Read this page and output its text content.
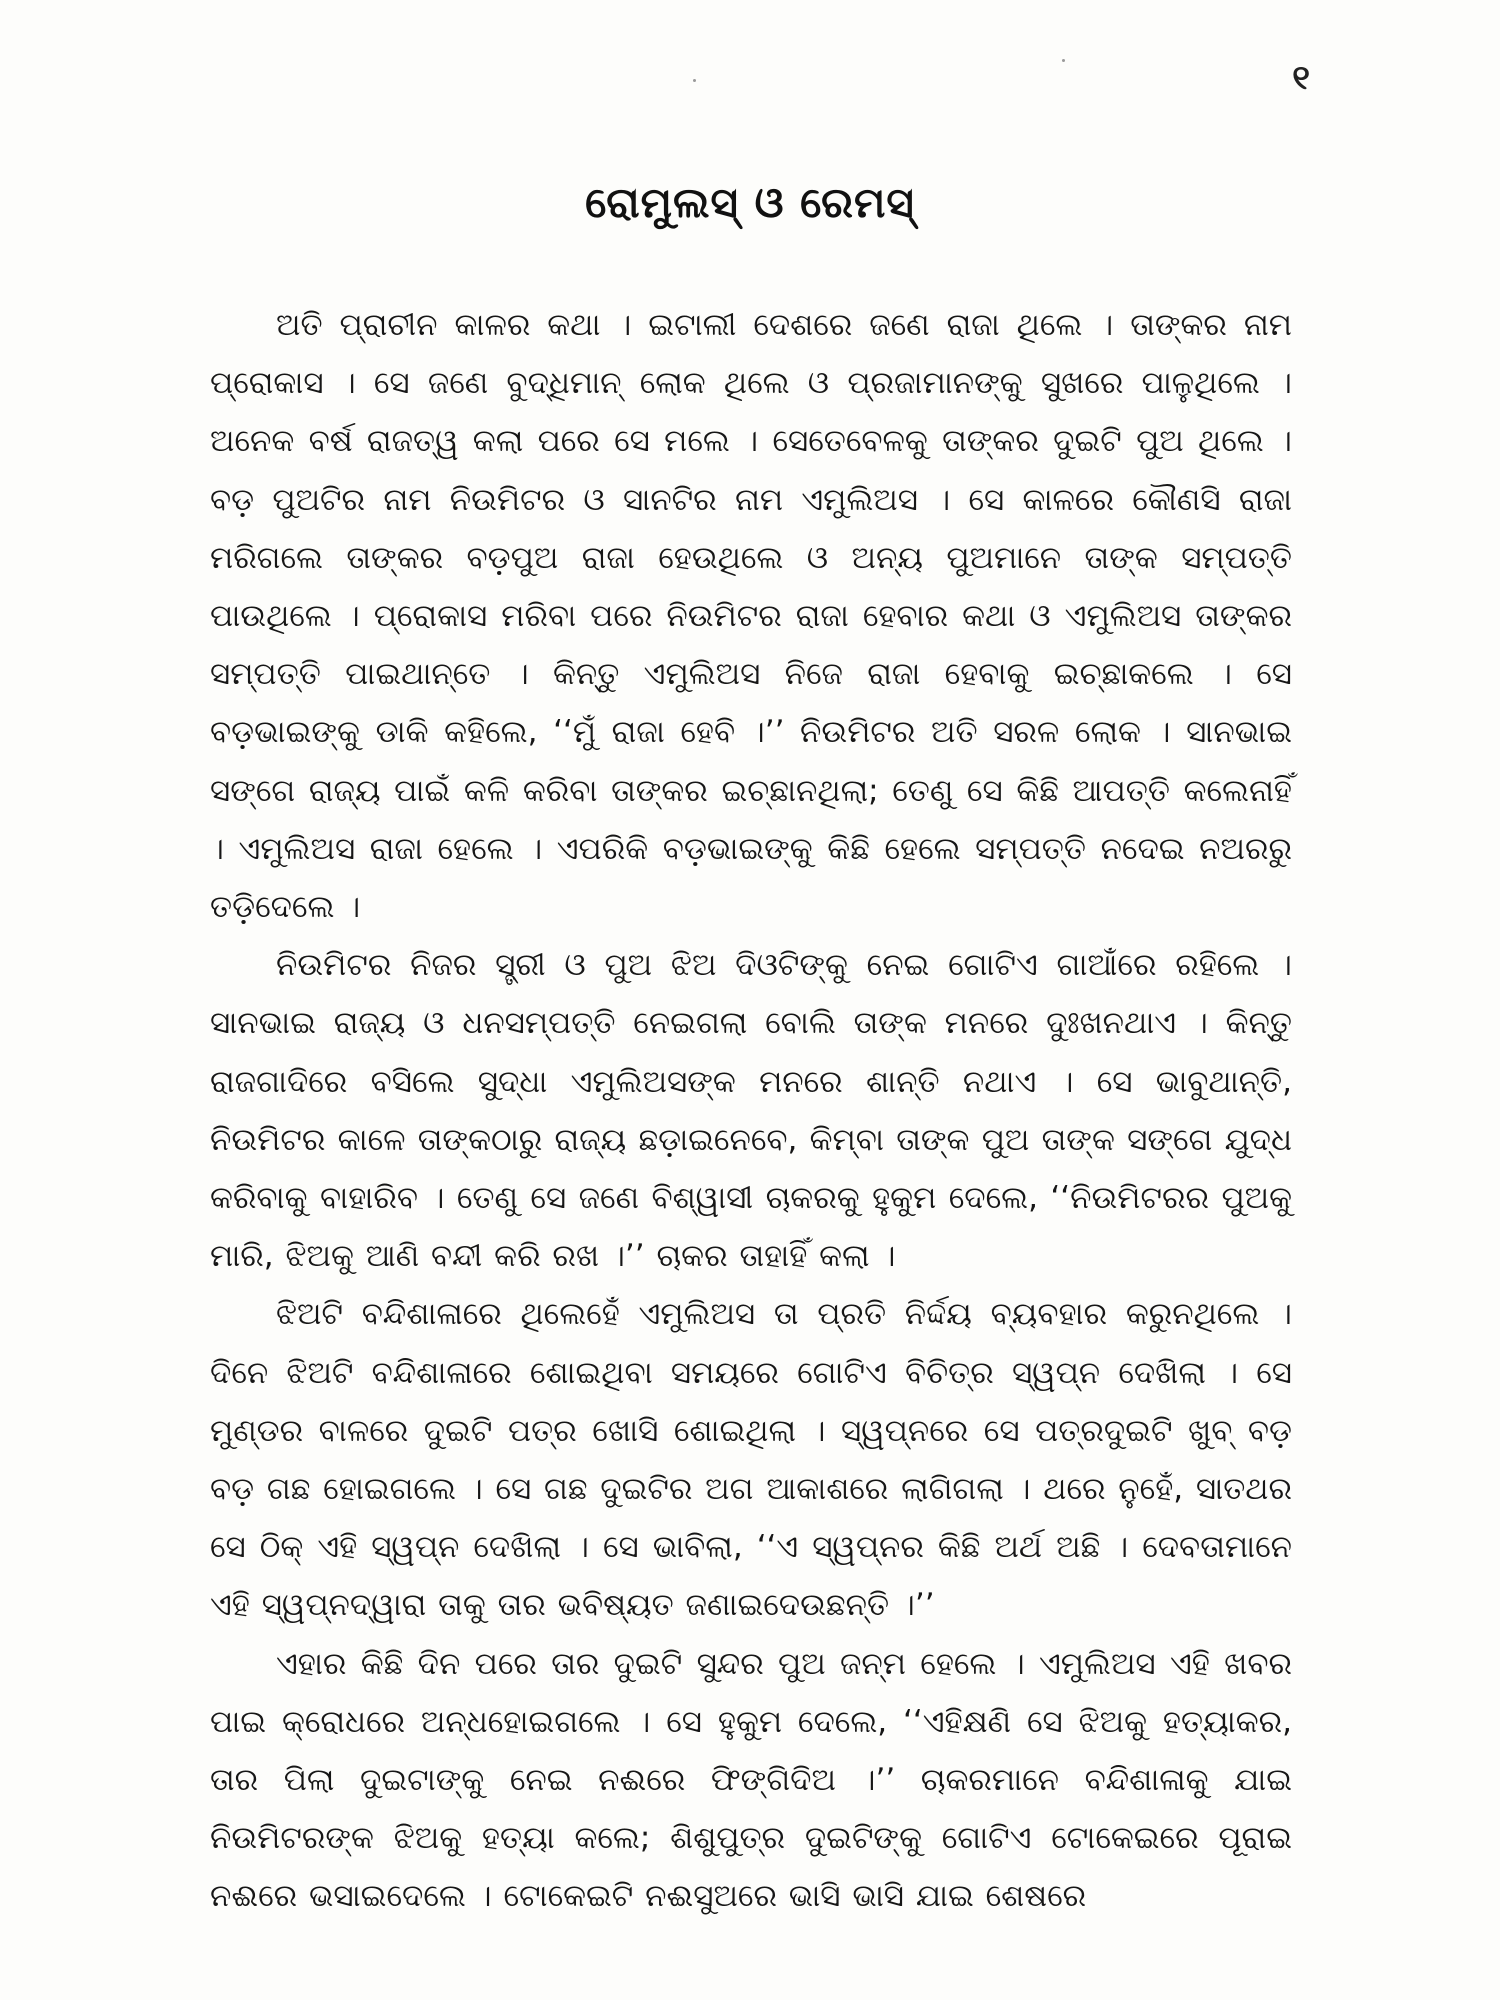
୧
ରୋମୁଲସ୍ ଓ ରେମସ୍

ଅତି ପ୍ରାଚୀନ କାଳର କଥା । ଇଟାଲୀ ଦେଶରେ ଜଣେ ରାଜା ଥିଲେ । ତାଙ୍କର ନାମ ପ୍ରୋକାସ । ସେ ଜଣେ ବୁଦ୍ଧିମାନ୍ ଲୋକ ଥିଲେ ଓ ପ୍ରଜାମାନଙ୍କୁ ସୁଖରେ ପାଳୁଥିଲେ । ଅନେକ ବର୍ଷ ରାଜତ୍ୱ କଲା ପରେ ସେ ମଲେ । ସେତେବେଳକୁ ତାଙ୍କର ଦୁଇଟି ପୁଅ ଥିଲେ । ବଡ଼ ପୁଅଟିର ନାମ ନିଉମିଟର ଓ ସାନଟିର ନାମ ଏମୁଲିଅସ । ସେ କାଳରେ କୌଣସି ରାଜା ମରିଗଲେ ତାଙ୍କର ବଡ଼ପୁଅ ରାଜା ହେଉଥିଲେ ଓ ଅନ୍ୟ ପୁଅମାନେ ତାଙ୍କ ସମ୍ପତ୍ତି ପାଉଥିଲେ । ପ୍ରୋକାସ ମରିବା ପରେ ନିଉମିଟର ରାଜା ହେବାର କଥା ଓ ଏମୁଲିଅସ ତାଙ୍କର ସମ୍ପତ୍ତି ପାଇଥାନ୍ତେ । କିନ୍ତୁ ଏମୁଲିଅସ ନିଜେ ରାଜା ହେବାକୁ ଇଚ୍ଛାକଲେ । ସେ ବଡ଼ଭାଇଙ୍କୁ ଡାକି କହିଲେ, ‘‘ମୁଁ ରାଜା ହେବି ।’’ ନିଉମିଟର ଅତି ସରଳ ଲୋକ । ସାନଭାଇ ସଙ୍ଗେ ରାଜ୍ୟ ପାଇଁ କଳି କରିବା ତାଙ୍କର ଇଚ୍ଛାନଥିଲା; ତେଣୁ ସେ କିଛି ଆପତ୍ତି କଲେନାହିଁ । ଏମୁଲିଅସ ରାଜା ହେଲେ । ଏପରିକି ବଡ଼ଭାଇଙ୍କୁ କିଛି ହେଲେ ସମ୍ପତ୍ତି ନଦେଇ ନଅରରୁ ତଡ଼ିଦେଲେ ।

ନିଉମିଟର ନିଜର ସ୍ତ୍ରୀ ଓ ପୁଅ ଝିଅ ଦିଓଟିଙ୍କୁ ନେଇ ଗୋଟିଏ ଗାଆଁରେ ରହିଲେ । ସାନଭାଇ ରାଜ୍ୟ ଓ ଧନସମ୍ପତ୍ତି ନେଇଗଲା ବୋଲି ତାଙ୍କ ମନରେ ଦୁଃଖନଥାଏ । କିନ୍ତୁ ରାଜଗାଦିରେ ବସିଲେ ସୁଦ୍ଧା ଏମୁଲିଅସଙ୍କ ମନରେ ଶାନ୍ତି ନଥାଏ । ସେ ଭାବୁଥାନ୍ତି, ନିଉମିଟର କାଳେ ତାଙ୍କଠାରୁ ରାଜ୍ୟ ଛଡ଼ାଇନେବେ, କିମ୍ବା ତାଙ୍କ ପୁଅ ତାଙ୍କ ସଙ୍ଗେ ଯୁଦ୍ଧ କରିବାକୁ ବାହାରିବ । ତେଣୁ ସେ ଜଣେ ବିଶ୍ୱାସୀ ଚାକରକୁ ହୁକୁମ ଦେଲେ, ‘‘ନିଉମିଟରର ପୁଅକୁ ମାରି, ଝିଅକୁ ଆଣି ବନ୍ଦୀ କରି ରଖ ।’’ ଚାକର ତାହାହିଁ କଲା ।

ଝିଅଟି ବନ୍ଦିଶାଳାରେ ଥିଲେହେଁ ଏମୁଲିଅସ ତା ପ୍ରତି ନିର୍ଦ୍ଦୟ ବ୍ୟବହାର କରୁନଥିଲେ । ଦିନେ ଝିଅଟି ବନ୍ଦିଶାଳାରେ ଶୋଇଥିବା ସମୟରେ ଗୋଟିଏ ବିଚିତ୍ର ସ୍ୱପ୍ନ ଦେଖିଲା । ସେ ମୁଣ୍ଡର ବାଳରେ ଦୁଇଟି ପତ୍ର ଖୋସି ଶୋଇଥିଲା । ସ୍ୱପ୍ନରେ ସେ ପତ୍ରଦୁଇଟି ଖୁବ୍ ବଡ଼ ବଡ଼ ଗଛ ହୋଇଗଲେ । ସେ ଗଛ ଦୁଇଟିର ଅଗ ଆକାଶରେ ଲାଗିଗଲା । ଥରେ ନୁହେଁ, ସାତଥର ସେ ଠିକ୍ ଏହି ସ୍ୱପ୍ନ ଦେଖିଲା । ସେ ଭାବିଲା, ‘‘ଏ ସ୍ୱପ୍ନର କିଛି ଅର୍ଥ ଅଛି । ଦେବତାମାନେ ଏହି ସ୍ୱପ୍ନଦ୍ୱାରା ତାକୁ ତାର ଭବିଷ୍ୟତ ଜଣାଇଦେଉଛନ୍ତି ।’’

ଏହାର କିଛି ଦିନ ପରେ ତାର ଦୁଇଟି ସୁନ୍ଦର ପୁଅ ଜନ୍ମ ହେଲେ । ଏମୁଲିଅସ ଏହି ଖବର ପାଇ କ୍ରୋଧରେ ଅନ୍ଧହୋଇଗଲେ । ସେ ହୁକୁମ ଦେଲେ, ‘‘ଏହିକ୍ଷଣି ସେ ଝିଅକୁ ହତ୍ୟାକର, ତାର ପିଲା ଦୁଇଟାଙ୍କୁ ନେଇ ନଈରେ ଫିଙ୍ଗିଦିଅ ।’’ ଚାକରମାନେ ବନ୍ଦିଶାଳାକୁ ଯାଇ ନିଉମିଟରଙ୍କ ଝିଅକୁ ହତ୍ୟା କଲେ; ଶିଶୁପୁତ୍ର ଦୁଇଟିଙ୍କୁ ଗୋଟିଏ ଟୋକେଇରେ ପୂରାଇ ନଈରେ ଭସାଇଦେଲେ । ଟୋକେଇଟି ନଈସୁଅରେ ଭାସି ଭାସି ଯାଇ ଶେଷରେ
